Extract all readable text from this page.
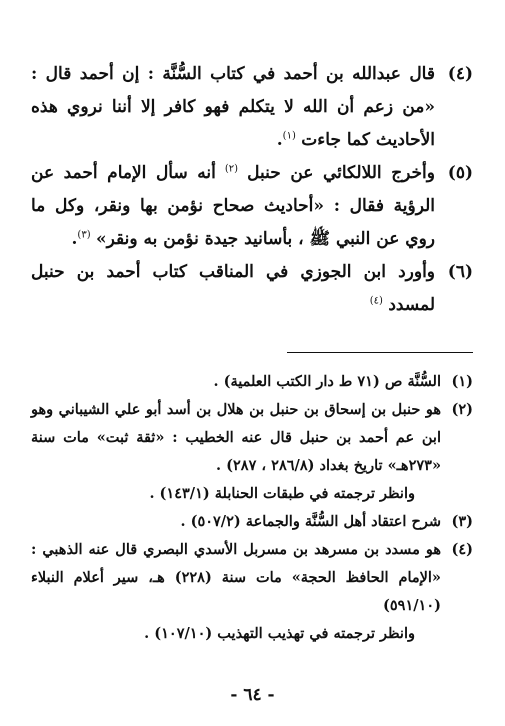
(٤)
قال عبدالله بن أحمد في كتاب السُّنَّة : إن أحمد قال : «من زعم أن الله لا يتكلم فهو كافر إلا أننا نروي هذه الأحاديث كما جاءت $^{(١)}$.

(٥)
وأخرج اللالكائي عن حنبل $^{(٢)}$ أنه سأل الإمام أحمد عن الرؤية فقال : «أحاديث صحاح نؤمن بها ونقر، وكل ما روي عن النبي ﷺ ، بأسانيد جيدة نؤمن به ونقر» $^{(٣)}$.

(٦)
وأورد ابن الجوزي في المناقب كتاب أحمد بن حنبل لمسدد $^{(٤)}$

(١)
السُّنَّة ص (٧١ ط دار الكتب العلمية) .

(٢)
هو حنبل بن إسحاق بن حنبل بن هلال بن أسد أبو علي الشيباني وهو ابن عم أحمد بن حنبل قال عنه الخطيب : «ثقة ثبت» مات سنة «٢٧٣هـ» تاريخ بغداد (٢٨٦/٨ ، ٢٨٧) .

وانظر ترجمته في طبقات الحنابلة (١٤٣/١) .

(٣)
شرح اعتقاد أهل السُّنَّة والجماعة (٥٠٧/٢) .

(٤)
هو مسدد بن مسرهد بن مسربل الأسدي البصري قال عنه الذهبي : «الإمام الحافظ الحجة» مات سنة (٢٢٨) هـ، سير أعلام النبلاء (٥٩١/١٠)

وانظر ترجمته في تهذيب التهذيب (١٠٧/١٠) .

- ٦٤ -
